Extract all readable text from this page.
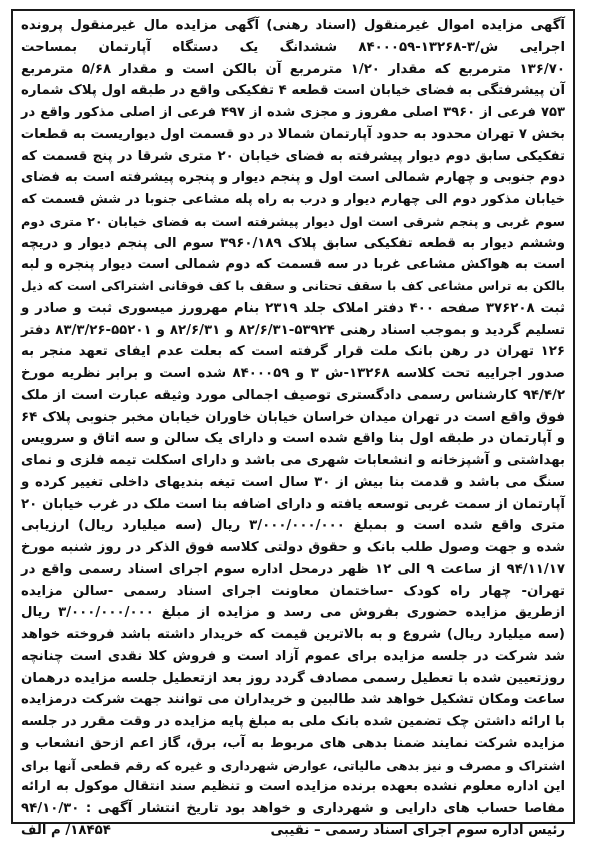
آگهی مزایده اموال غیرمنقول (اسناد رهنی) آگهی مزایده مال غیرمنقول پرونده
اجرایی ش/۳-۱۳۲۶۸-۸۴۰۰۰۵۹ ششدانگ یک دستگاه آپارتمان بمساحت
۱۳۶/۷۰ مترمربع که مقدار ۱/۲۰ مترمربع آن بالکن است و مقدار ۵/۶۸ مترمربع
آن پیشرفتگی به فضای خیابان است قطعه ۴ تفکیکی واقع در طبقه اول پلاک شماره
۷۵۳ فرعی از ۳۹۶۰ اصلی مفروز و مجزی شده از ۴۹۷ فرعی از اصلی مذکور واقع در
بخش ۷ تهران محدود به حدود آپارتمان شمالا در دو قسمت اول دیواریست به قطعات
تفکیکی سابق دوم دیوار پیشرفته به فضای خیابان ۲۰ متری شرقا در پنج قسمت که
دوم جنوبی و چهارم شمالی است اول و پنجم دیوار و پنجره پیشرفته است به فضای
خیابان مذکور دوم الی چهارم دیوار و درب به راه پله مشاعی جنوبا در شش قسمت که
سوم غربی و پنجم شرقی است اول دیوار پیشرفته است به فضای خیابان ۲۰ متری دوم
وششم دیوار به قطعه تفکیکی سابق پلاک ۳۹۶۰/۱۸۹ سوم الی پنجم دیوار و دریچه
است به هواکش مشاعی غربا در سه قسمت که دوم شمالی است دیوار پنجره و لبه
بالکن به تراس مشاعی کف با سقف تحتانی و سقف با کف فوقانی اشتراکی است که ذیل
ثبت ۳۷۶۲۰۸ صفحه ۴۰۰ دفتر املاک جلد ۲۳۱۹ بنام مهرورز میسوری ثبت و صادر و
تسلیم گردید و بموجب اسناد رهنی ۵۳۹۲۴-۸۲/۶/۳۱ و ۸۲/۶/۳۱ و ۵۵۲۰۱-۸۳/۳/۲۶ دفتر
۱۲۶ تهران در رهن بانک ملت قرار گرفته است که بعلت عدم ایفای تعهد منجر به
صدور اجراییه تحت کلاسه ۱۳۲۶۸-ش ۳ و ۸۴۰۰۰۵۹ شده است و برابر نظریه مورخ
۹۴/۴/۲ کارشناس رسمی دادگستری توصیف اجمالی مورد وثیقه عبارت است از ملک
فوق واقع است در تهران میدان خراسان خیابان خاوران خیابان مخبر جنوبی پلاک ۶۴
و آپارتمان در طبقه اول بنا واقع شده است و دارای یک سالن و سه اتاق و سرویس
بهداشتی و آشپزخانه و انشعابات شهری می باشد و دارای اسکلت تیمه فلزی و نمای
سنگ می باشد و قدمت بنا بیش از ۳۰ سال است تیغه بندیهای داخلی تغییر کرده و
آپارتمان از سمت غربی توسعه یافته و دارای اضافه بنا است ملک در غرب خیابان ۲۰
متری واقع شده است و بمبلغ ۳/۰۰۰/۰۰۰/۰۰۰ ریال (سه میلیارد ریال) ارزیابی
شده و جهت وصول طلب بانک و حقوق دولتی کلاسه فوق الذکر در روز شنبه مورخ
۹۴/۱۱/۱۷ از ساعت ۹ الی ۱۲ ظهر درمحل اداره سوم اجرای اسناد رسمی واقع در
تهران- چهار راه کودک -ساختمان معاونت اجرای اسناد رسمی -سالن مزایده
ازطریق مزایده حضوری بفروش می رسد و مزایده از مبلغ ۳/۰۰۰/۰۰۰/۰۰۰ ریال
(سه میلیارد ریال) شروع و به بالاترین قیمت که خریدار داشته باشد فروخته خواهد
شد شرکت در جلسه مزایده برای عموم آزاد است و فروش کلا نقدی است چنانچه
روزتعیین شده با تعطیل رسمی مصادف گردد روز بعد ازتعطیل جلسه مزایده درهمان
ساعت ومکان تشکیل خواهد شد طالبین و خریداران می توانند جهت شرکت درمزایده
با ارائه داشتن چک تضمین شده بانک ملی به مبلغ پایه مزایده در وقت مقرر در جلسه
مزایده شرکت نمایند ضمنا بدهی های مربوط به آب، برق، گاز اعم ازحق انشعاب و
اشتراک و مصرف و نیز بدهی مالیاتی، عوارض شهرداری و غیره که رقم قطعی آنها برای
این اداره معلوم نشده بعهده برنده مزایده است و تنظیم سند انتقال موکول به ارائه
مفاصا حساب های دارایی و شهرداری و خواهد بود تاریخ انتشار آگهی : ۹۴/۱۰/۳۰
رئیس اداره سوم اجرای اسناد رسمی – نقیبی
۱۸۴۵۴/ م الف
